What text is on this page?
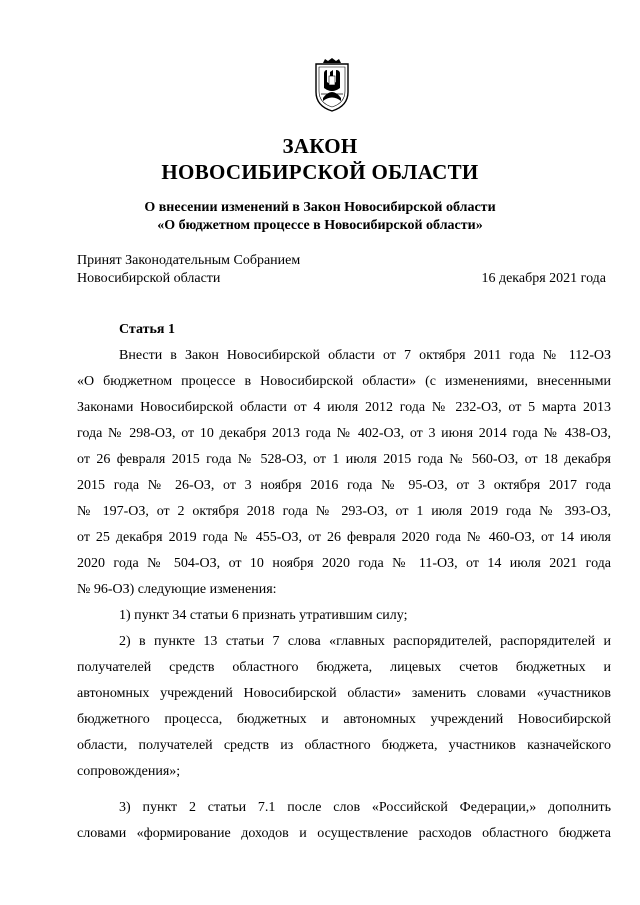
ЗАКОН
НОВОСИБИРСКОЙ ОБЛАСТИ
О внесении изменений в Закон Новосибирской области
«О бюджетном процессе в Новосибирской области»
Принят Законодательным Собранием
Новосибирской области	16 декабря 2021 года
Статья 1
Внести в Закон Новосибирской области от 7 октября 2011 года № 112-ОЗ
«О бюджетном процессе в Новосибирской области» (с изменениями, внесенными
Законами Новосибирской области от 4 июля 2012 года № 232-ОЗ, от 5 марта 2013
года № 298-ОЗ, от 10 декабря 2013 года № 402-ОЗ, от 3 июня 2014 года № 438-ОЗ,
от 26 февраля 2015 года № 528-ОЗ, от 1 июля 2015 года № 560-ОЗ, от 18 декабря
2015 года № 26-ОЗ, от 3 ноября 2016 года № 95-ОЗ, от 3 октября 2017 года
№ 197-ОЗ, от 2 октября 2018 года № 293-ОЗ, от 1 июля 2019 года № 393-ОЗ,
от 25 декабря 2019 года № 455-ОЗ, от 26 февраля 2020 года № 460-ОЗ, от 14 июля
2020 года № 504-ОЗ, от 10 ноября 2020 года № 11-ОЗ, от 14 июля 2021 года
№ 96-ОЗ) следующие изменения:
1) пункт 34 статьи 6 признать утратившим силу;
2) в пункте 13 статьи 7 слова «главных распорядителей, распорядителей и
получателей средств областного бюджета, лицевых счетов бюджетных и
автономных учреждений Новосибирской области» заменить словами «участников
бюджетного процесса, бюджетных и автономных учреждений Новосибирской
области, получателей средств из областного бюджета, участников казначейского
сопровождения»;
3) пункт 2 статьи 7.1 после слов «Российской Федерации,» дополнить
словами «формирование доходов и осуществление расходов областного бюджета
